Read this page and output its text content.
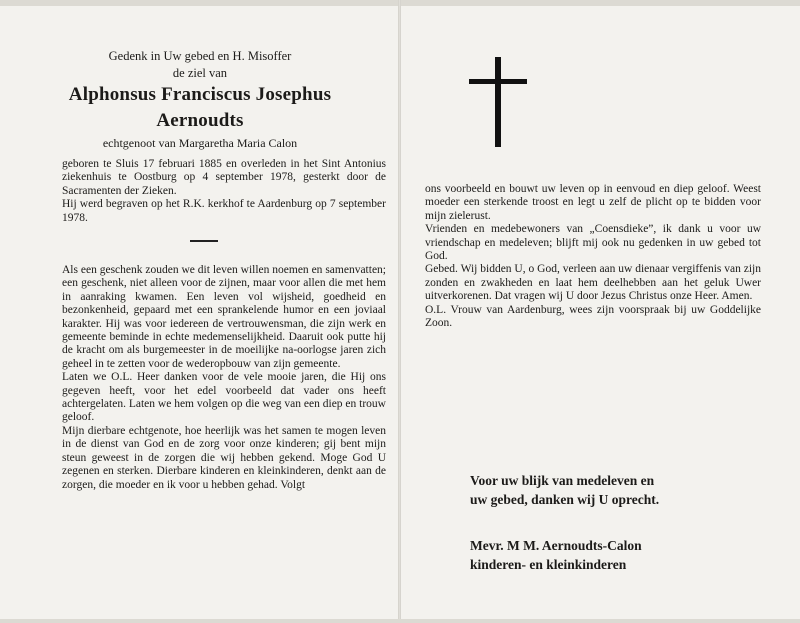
Gedenk in Uw gebed en H. Misoffer
de ziel van
Alphonsus Franciscus Josephus
Aernoudts
echtgenoot van Margaretha Maria Calon

geboren te Sluis 17 februari 1885 en overleden in het Sint Antonius ziekenhuis te Oostburg op 4 september 1978, gesterkt door de Sacramenten der Zieken.

Hij werd begraven op het R.K. kerkhof te Aardenburg op 7 september 1978.

Als een geschenk zouden we dit leven willen noemen en samenvatten; een geschenk, niet alleen voor de zijnen, maar voor allen die met hem in aanraking kwamen. Een leven vol wijsheid, goedheid en bezonkenheid, gepaard met een sprankelende humor en een joviaal karakter. Hij was voor iedereen de vertrouwensman, die zijn werk en gemeente beminde in echte medemenselijkheid. Daaruit ook putte hij de kracht om als burgemeester in de moeilijke na-oorlogse jaren zich geheel in te zetten voor de wederopbouw van zijn gemeente.

Laten we O.L. Heer danken voor de vele mooie jaren, die Hij ons gegeven heeft, voor het edel voorbeeld dat vader ons heeft achtergelaten. Laten we hem volgen op die weg van een diep en trouw geloof.

Mijn dierbare echtgenote, hoe heerlijk was het samen te mogen leven in de dienst van God en de zorg voor onze kinderen; gij bent mijn steun geweest in de zorgen die wij hebben gekend. Moge God U zegenen en sterken. Dierbare kinderen en kleinkinderen, denkt aan de zorgen, die moeder en ik voor u hebben gehad. Volgt

ons voorbeeld en bouwt uw leven op in eenvoud en diep geloof. Weest moeder een sterkende troost en legt u zelf de plicht op te bidden voor mijn zielerust.

Vrienden en medebewoners van „Coensdieke”, ik dank u voor uw vriendschap en medeleven; blijft mij ook nu gedenken in uw gebed tot God.

Gebed. Wij bidden U, o God, verleen aan uw dienaar vergiffenis van zijn zonden en zwakheden en laat hem deelhebben aan het geluk Uwer uitverkorenen. Dat vragen wij U door Jezus Christus onze Heer. Amen.

O.L. Vrouw van Aardenburg, wees zijn voorspraak bij uw Goddelijke Zoon.

Voor uw blijk van medeleven en

uw gebed, danken wij U oprecht.

Mevr. M M. Aernoudts-Calon

kinderen- en kleinkinderen
